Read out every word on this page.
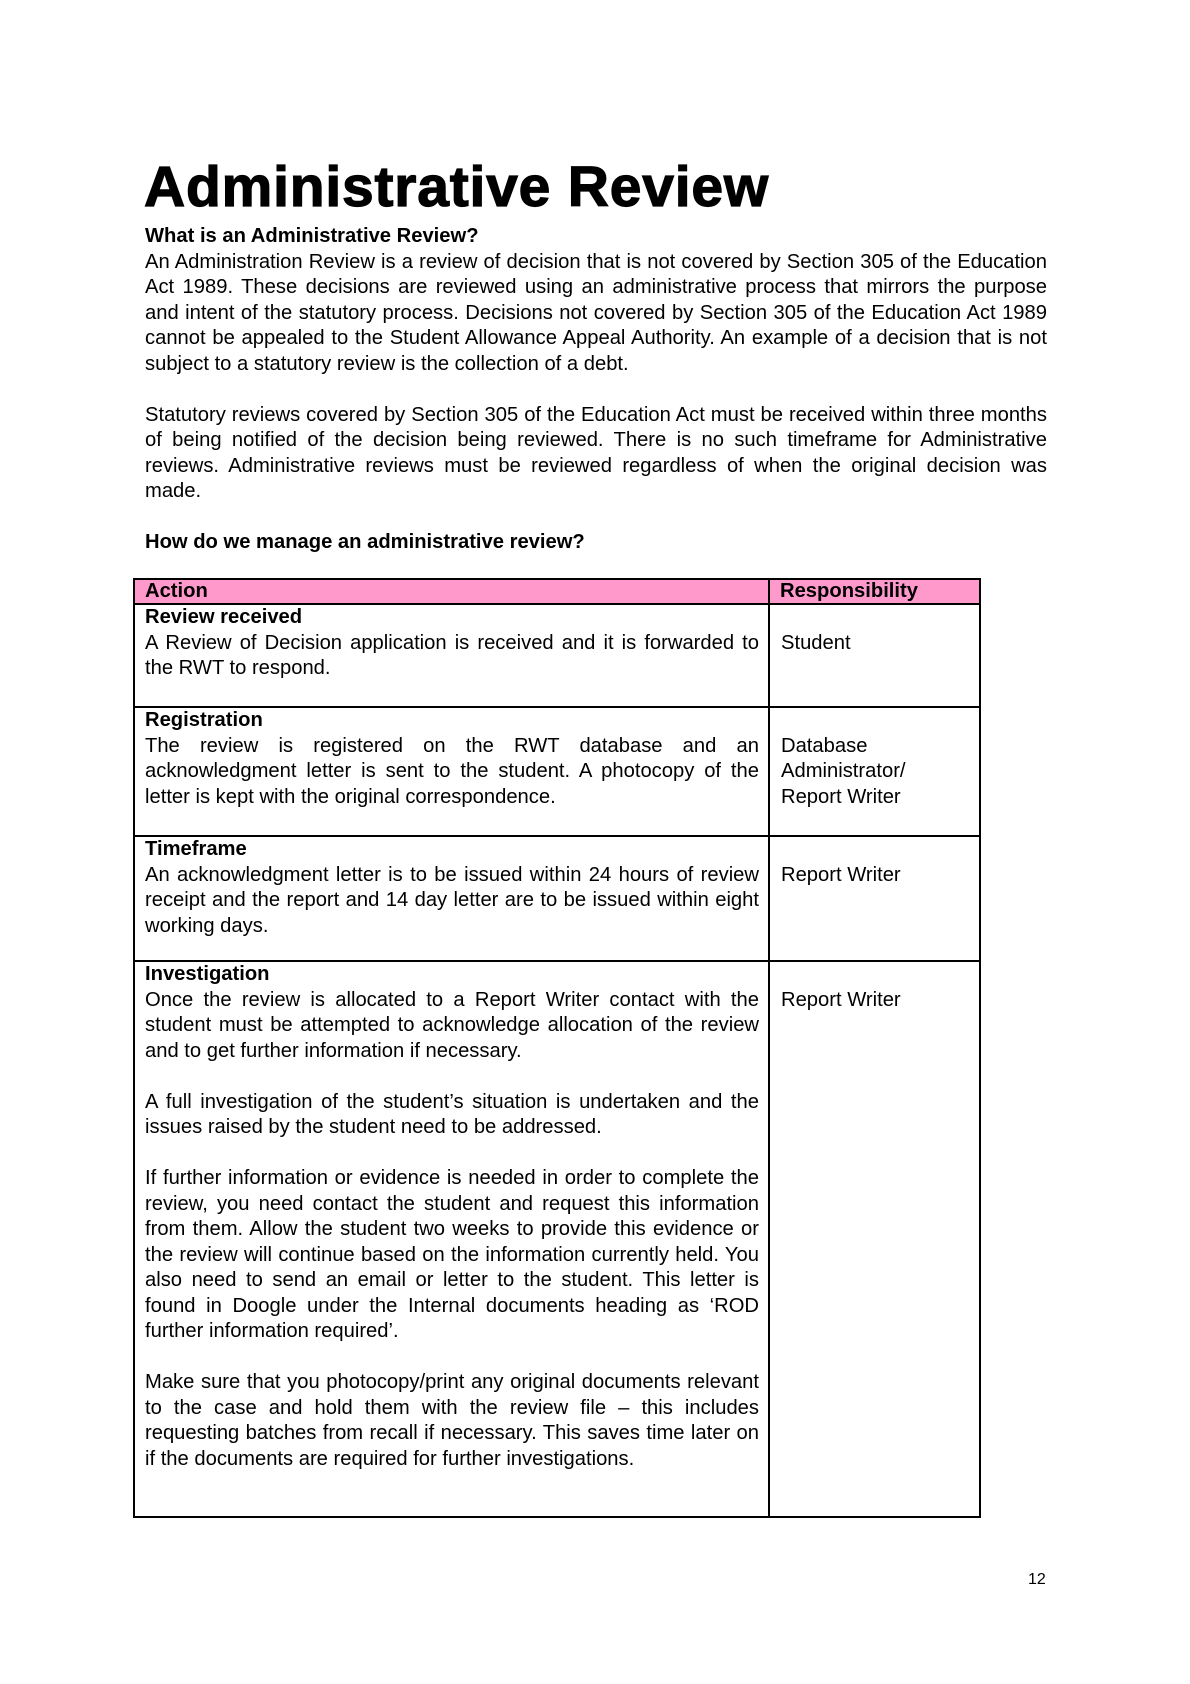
Administrative Review

What is an Administrative Review?

An Administration Review is a review of decision that is not covered by Section 305 of the Education Act 1989. These decisions are reviewed using an administrative process that mirrors the purpose and intent of the statutory process. Decisions not covered by Section 305 of the Education Act 1989 cannot be appealed to the Student Allowance Appeal Authority. An example of a decision that is not subject to a statutory review is the collection of a debt.

Statutory reviews covered by Section 305 of the Education Act must be received within three months of being notified of the decision being reviewed. There is no such timeframe for Administrative reviews. Administrative reviews must be reviewed regardless of when the original decision was made.

How do we manage an administrative review?

Action	Responsibility

Review received
A Review of Decision application is received and it is forwarded to the RWT to respond.	Student

Registration
The review is registered on the RWT database and an acknowledgment letter is sent to the student. A photocopy of the letter is kept with the original correspondence.	Database
Administrator/
Report Writer

Timeframe
An acknowledgment letter is to be issued within 24 hours of review receipt and the report and 14 day letter are to be issued within eight working days.	Report Writer

Investigation
Once the review is allocated to a Report Writer contact with the student must be attempted to acknowledge allocation of the review and to get further information if necessary.
A full investigation of the student’s situation is undertaken and the issues raised by the student need to be addressed.
If further information or evidence is needed in order to complete the review, you need contact the student and request this information from them. Allow the student two weeks to provide this evidence or the review will continue based on the information currently held. You also need to send an email or letter to the student. This letter is found in Doogle under the Internal documents heading as ‘ROD further information required’.
Make sure that you photocopy/print any original documents relevant to the case and hold them with the review file – this includes requesting batches from recall if necessary. This saves time later on if the documents are required for further investigations.	Report Writer
12
